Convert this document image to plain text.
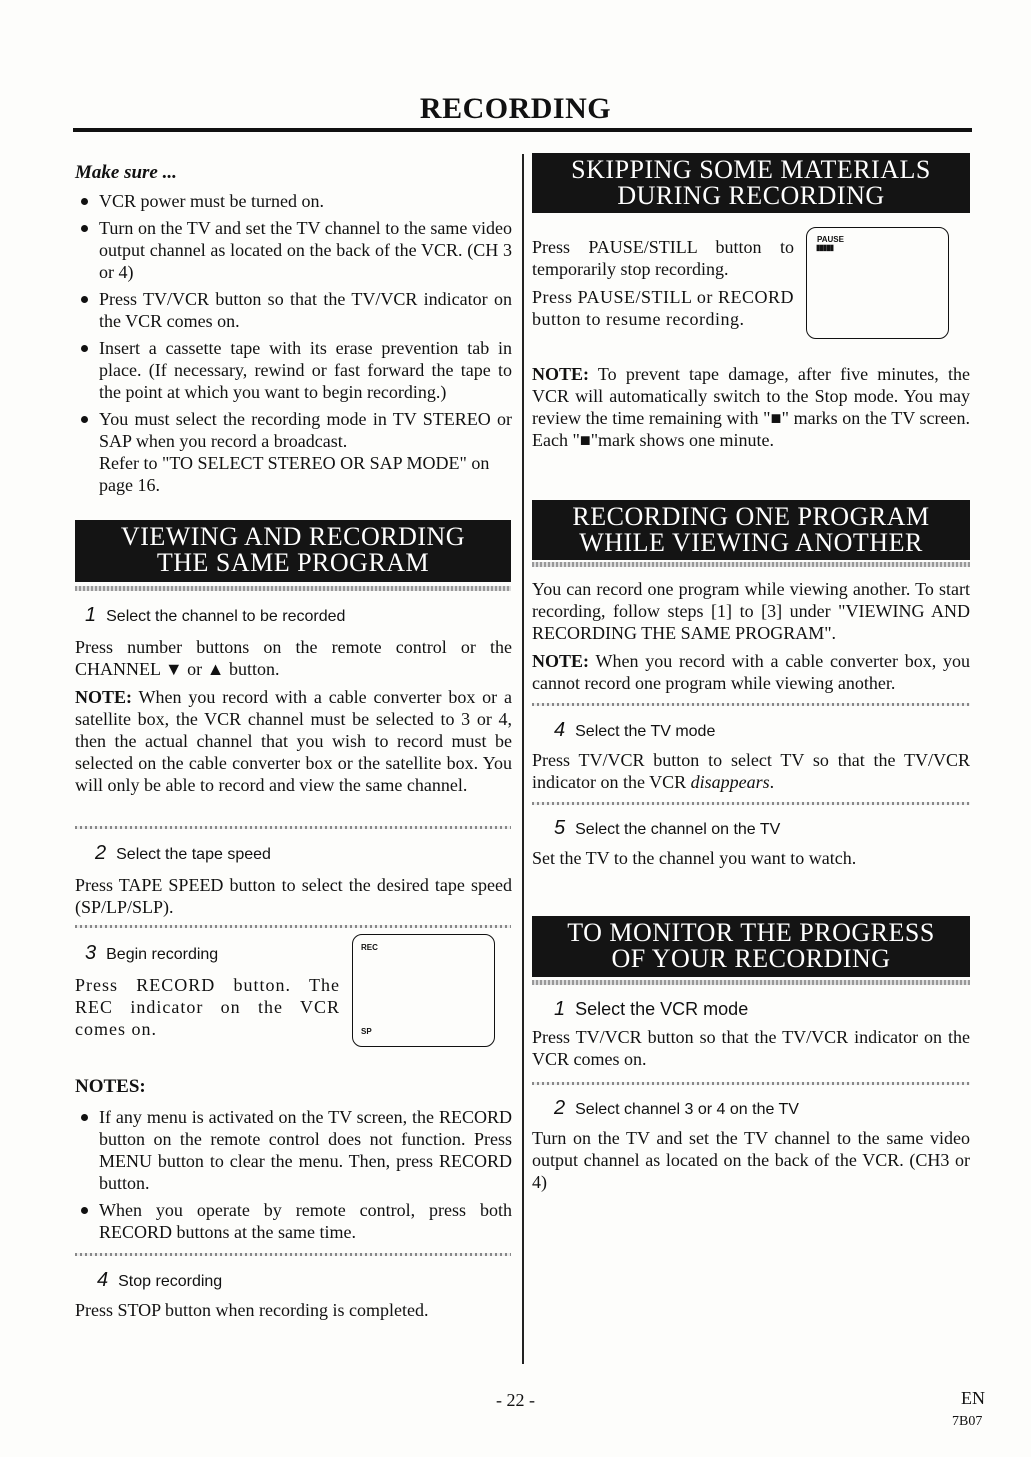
RECORDING
Make sure ...
VCR power must be turned on.
Turn on the TV and set the TV channel to the same video output channel as located on the back of the VCR. (CH 3 or 4)
Press TV/VCR button so that the TV/VCR indicator on the VCR comes on.
Insert a cassette tape with its erase prevention tab in place. (If necessary, rewind or fast forward the tape to the point at which you want to begin recording.)
You must select the recording mode in TV STEREO or SAP when you record a broadcast.

Refer to "TO SELECT STEREO OR SAP MODE" on page 16.

VIEWING AND RECORDING
THE SAME PROGRAM
1 Select the channel to be recorded

Press number buttons on the remote control or the CHANNEL ▼ or ▲ button.

NOTE: When you record with a cable converter box or a satellite box, the VCR channel must be selected to 3 or 4, then the actual channel that you wish to record must be selected on the cable converter box or the satellite box. You will only be able to record and view the same channel.

2 Select the tape speed

Press TAPE SPEED button to select the desired tape speed (SP/LP/SLP).

3 Begin recording

Press RECORD button. The REC indicator on the VCR comes on.

REC
SP
NOTES:
If any menu is activated on the TV screen, the RECORD button on the remote control does not function. Press MENU button to clear the menu. Then, press RECORD button.
When you operate by remote control, press both RECORD buttons at the same time.
4 Stop recording

Press STOP button when recording is completed.

SKIPPING SOME MATERIALS
DURING RECORDING

Press PAUSE/STILL button to temporarily stop recording.

Press PAUSE/STILL or RECORD button to resume recording.

PAUSE
▮▮▮▮▮

NOTE: To prevent tape damage, after five minutes, the VCR will automatically switch to the Stop mode. You may review the time remaining with "■" marks on the TV screen. Each "■"mark shows one minute.

RECORDING ONE PROGRAM
WHILE VIEWING ANOTHER

You can record one program while viewing another. To start recording, follow steps [1] to [3] under "VIEWING AND RECORDING THE SAME PROGRAM".

NOTE: When you record with a cable converter box, you cannot record one program while viewing another.

4 Select the TV mode

Press TV/VCR button to select TV so that the TV/VCR indicator on the VCR disappears.

5 Select the channel on the TV

Set the TV to the channel you want to watch.

TO MONITOR THE PROGRESS
OF YOUR RECORDING
1 Select the VCR mode

Press TV/VCR button so that the TV/VCR indicator on the VCR comes on.

2 Select channel 3 or 4 on the TV

Turn on the TV and set the TV channel to the same video output channel as located on the back of the VCR. (CH3 or 4)

- 22 -	EN
7B07
